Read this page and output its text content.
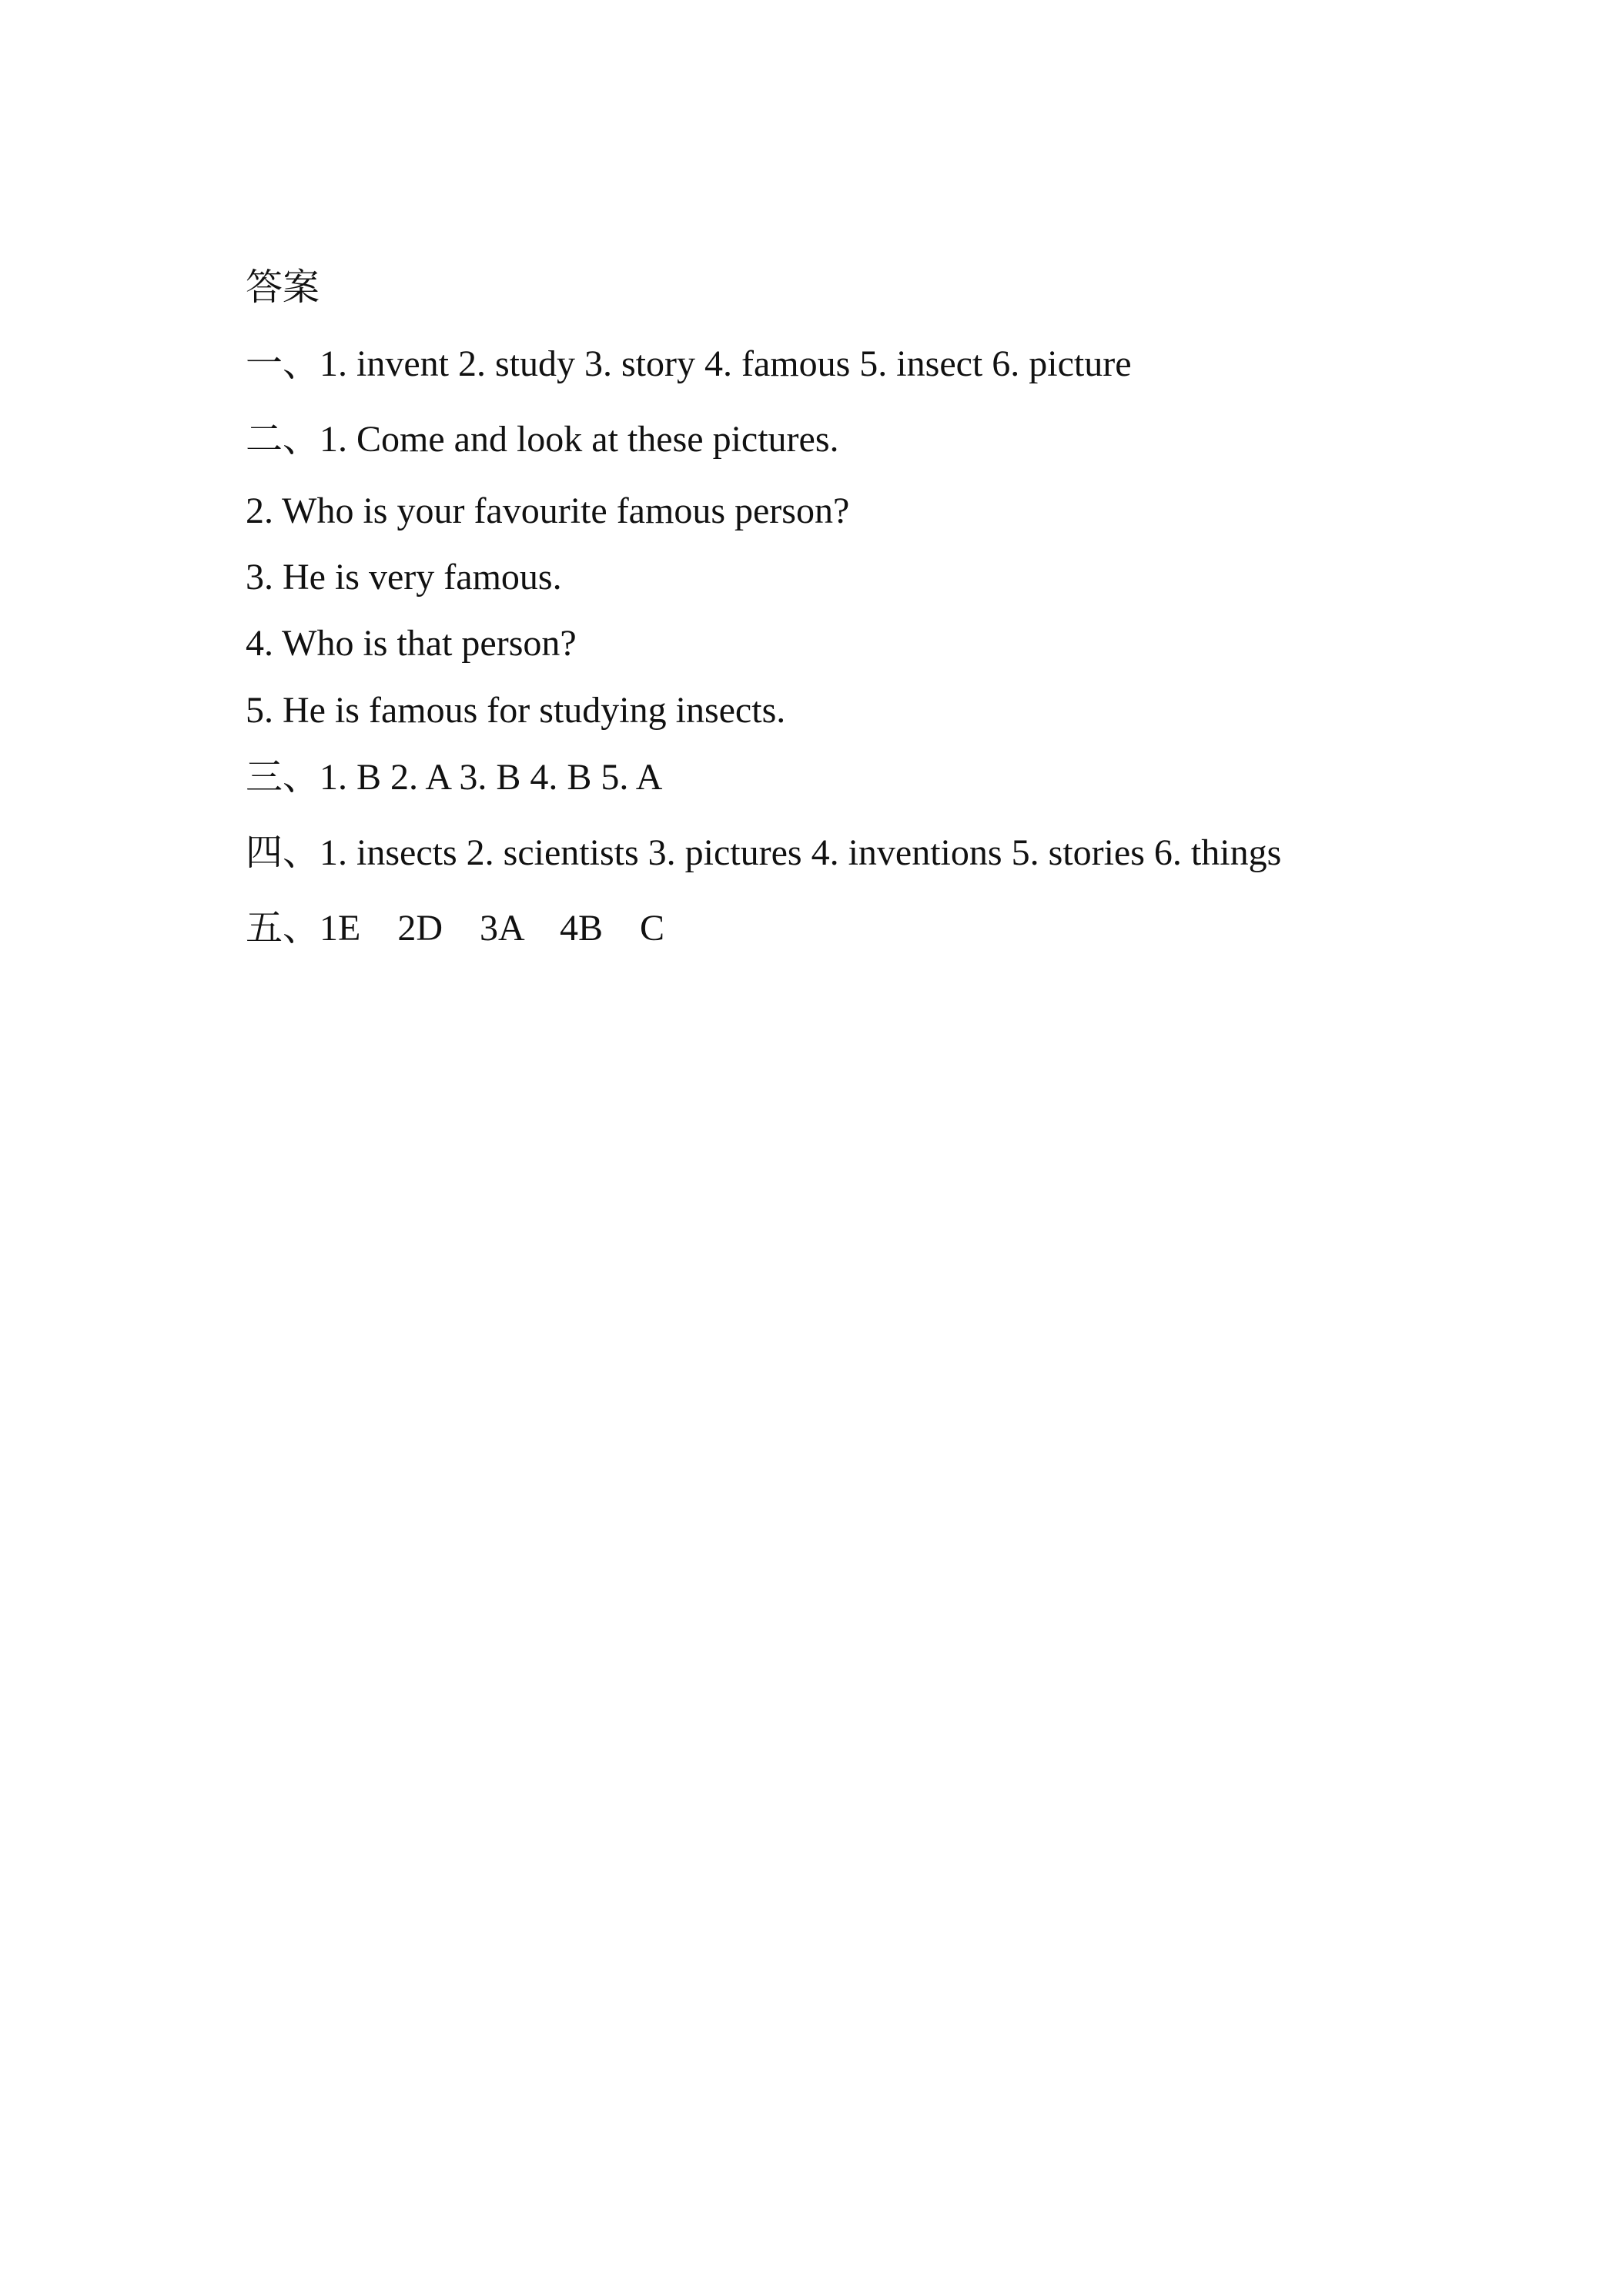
答案
一、1. invent 2. study 3. story 4. famous 5. insect 6. picture
二、1. Come and look at these pictures.
2. Who is your favourite famous person?
3. He is very famous.
4. Who is that person?
5. He is famous for studying insects.
三、1. B 2. A 3. B 4. B 5. A
四、1. insects 2. scientists 3. pictures 4. inventions 5. stories 6. things
五、1E    2D    3A    4B    C
